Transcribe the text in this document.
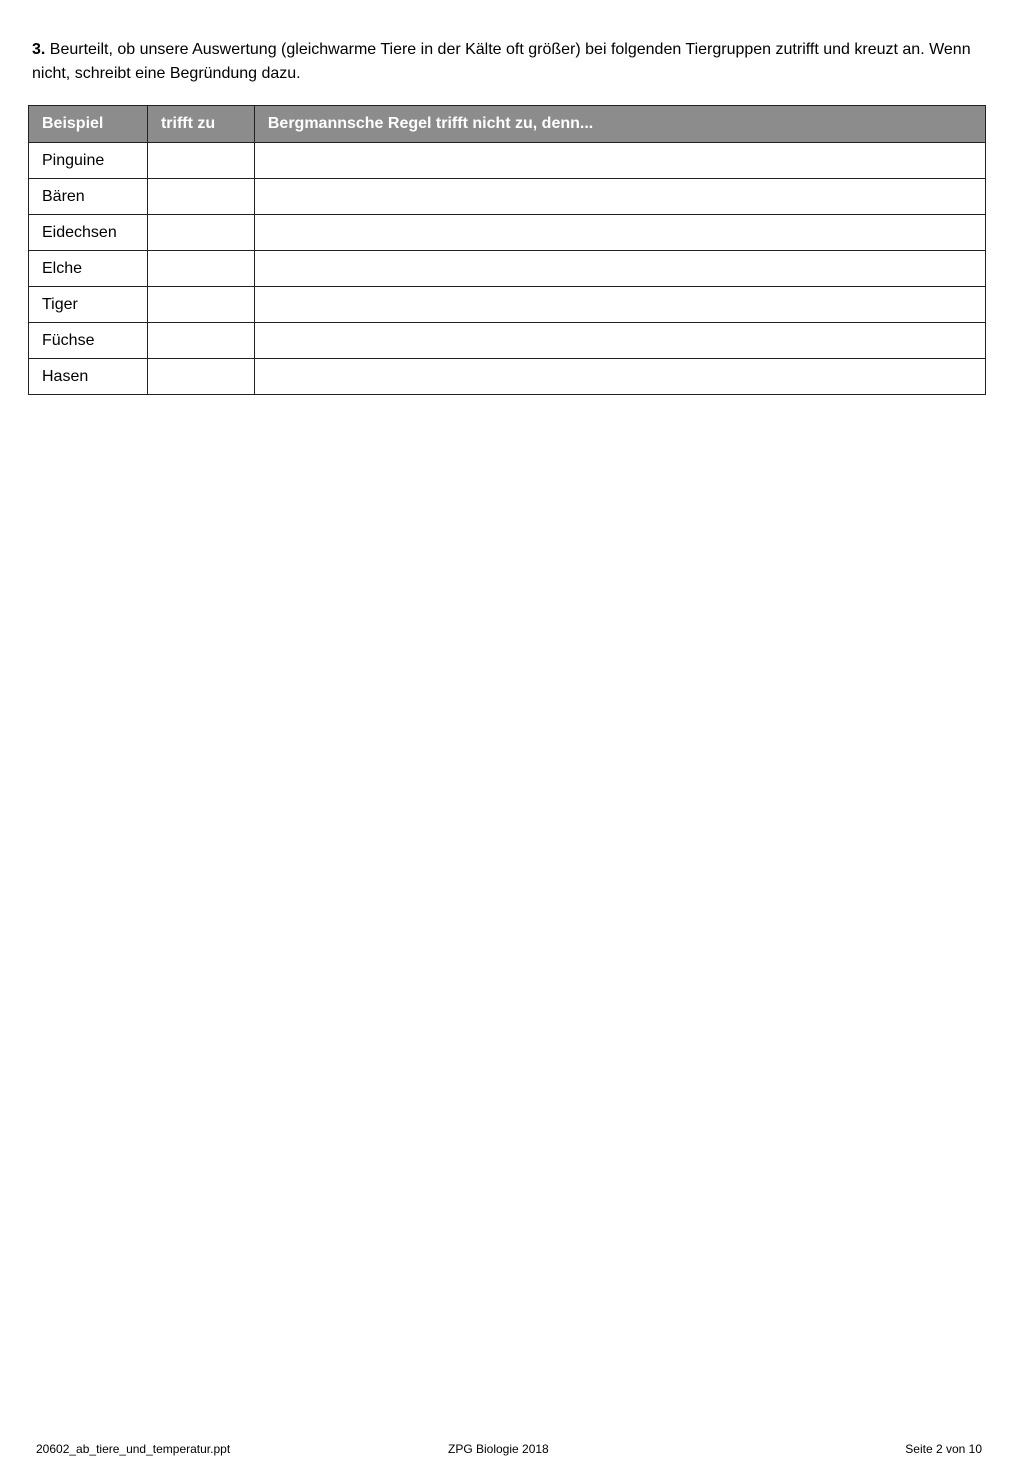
3. Beurteilt, ob unsere Auswertung (gleichwarme Tiere in der Kälte oft größer) bei folgenden Tiergruppen zutrifft und kreuzt an. Wenn nicht, schreibt eine Begründung dazu.
Beispiel	trifft zu	Bergmannsche Regel trifft nicht zu, denn...
Pinguine		
Bären		
Eidechsen		
Elche		
Tiger		
Füchse		
Hasen		
20602_ab_tiere_und_temperatur.ppt	ZPG Biologie 2018	Seite 2 von 10
